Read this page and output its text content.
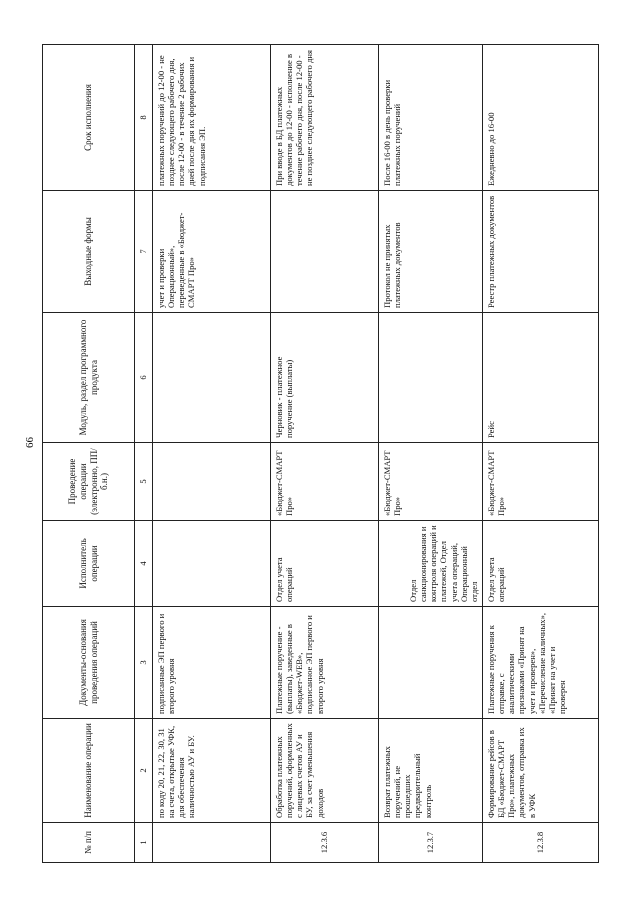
66
№ п/п	Наименование операции	Документы-основания проведения операций	Исполнитель операции	Проведение операции (электронно, ПП/б.н.)	Модуль, раздел программного продукта	Выходные формы	Срок исполнения
1	2	3	4	5	6	7	8
	по коду 20, 21, 22, 30, 31 на счета, открытые УФК, для обеспечения наличностью АУ и БУ.	подписанные ЭП первого и второго уровня				учет и проверки Операционный», переведенные в «Бюджет-СМАРТ Про»	платежных поручений до 12-00 - не позднее следующего рабочего дня, после 12-00 - в течение 2 рабочих дней после дня их формирования и подписания ЭП.
12.3.6	Обработка платежных поручений, оформленных с лицевых счетов АУ и БУ, за счет уменьшения доходов	Платежные поручение - (выплаты), заведенные в «Бюджет-WEB», подписанное ЭП первого и второго уровня	Отдел учета операций	«Бюджет-СМАРТ Про»	Черновик - платежное поручение (выплаты)		При вводе в БД платежных документов до 12-00 - исполнение в течение рабочего дня, после 12-00 - не позднее следующего рабочего дня
12.3.7	Возврат платежных поручений, не прошедших предварительный контроль		Отдел санкционирования и контроля операций и платежей, Отдел учета операций, Операционный отдел	«Бюджет-СМАРТ Про»		Протокол не принятых платежных документов	После 16-00 в день проверки платежных поручений
12.3.8	Формирование рейсов в БД «Бюджет-СМАРТ Про», платежных документов, отправка их в УФК	Платежные поручения к отправке, с аналитическими признаками «Принят на учет и проверен», «Перечисление наличных», «Принят на учет и проверен	Отдел учета операций	«Бюджет-СМАРТ Про»	Рейс	Реестр платежных документов	Ежедневно до 16-00
